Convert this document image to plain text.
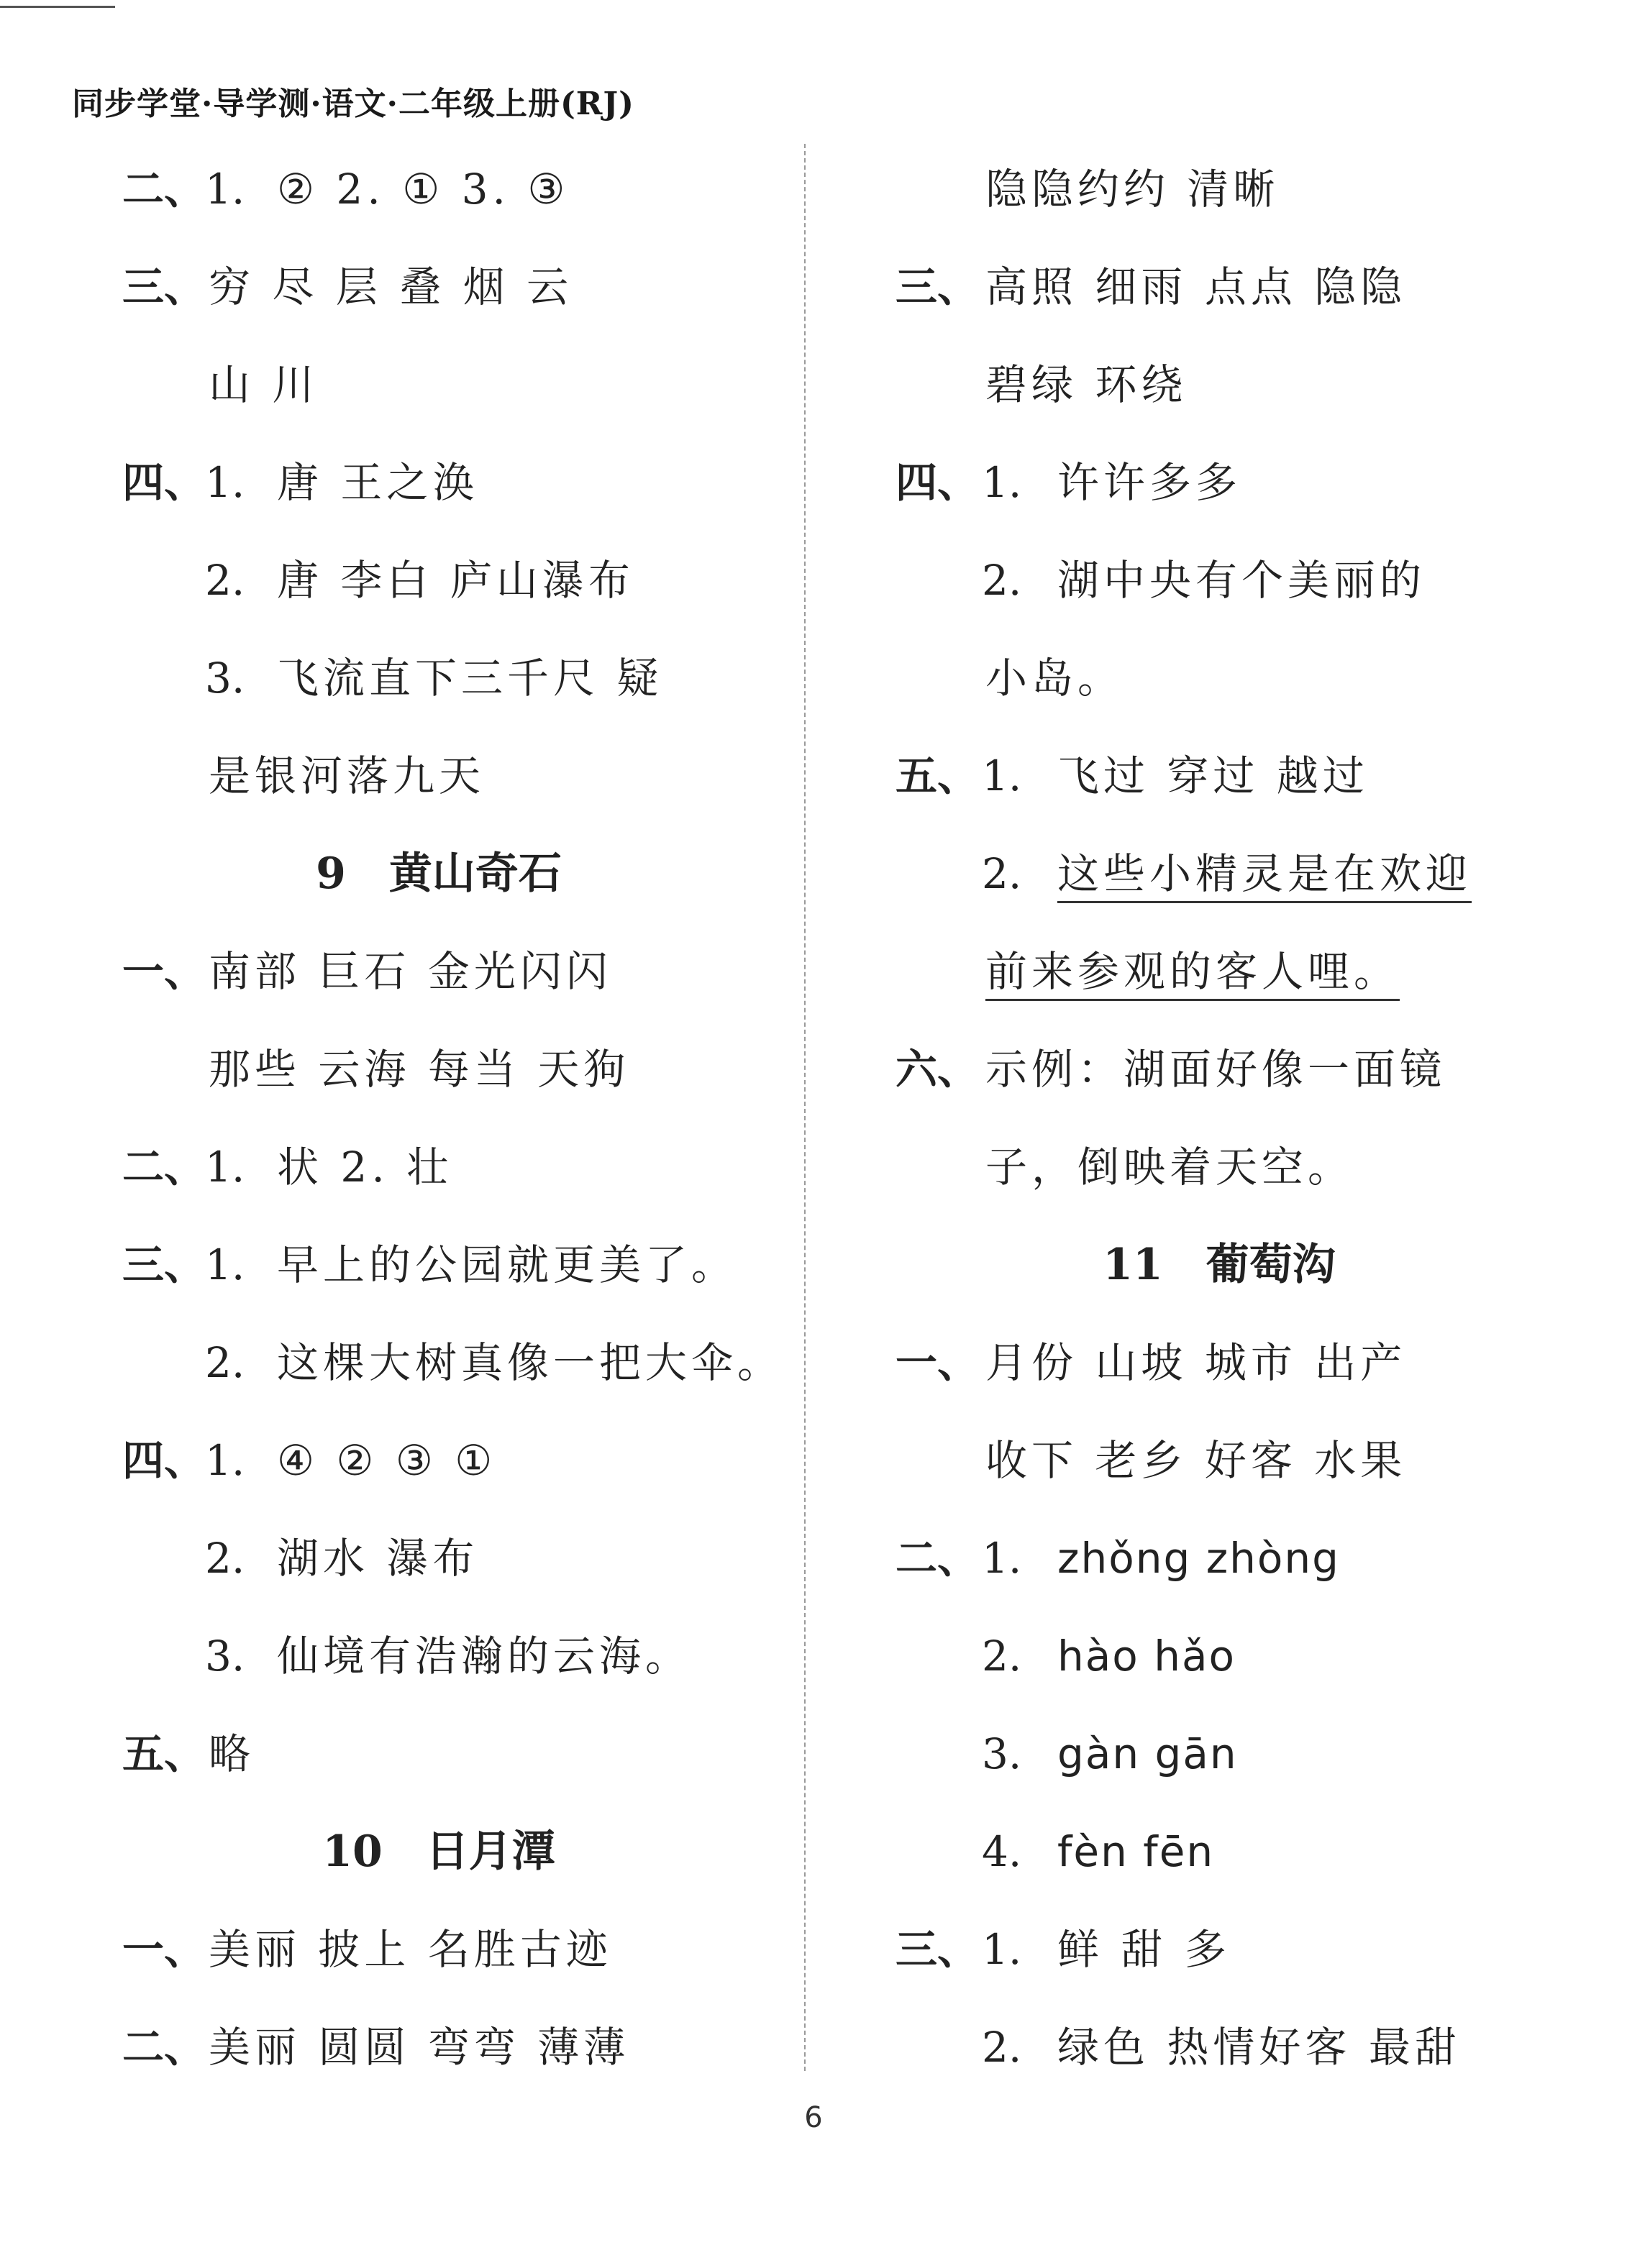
同步学堂·导学测·语文·二年级上册(RJ)
二、
1. ② 2. ① 3. ③
三、 穷 尽 层 叠 烟 云
山 川
四、
1. 唐 王之涣
2. 唐 李白 庐山瀑布
3. 飞流直下三千尺 疑
是银河落九天
9 黄山奇石
一、 南部 巨石 金光闪闪
那些 云海 每当 天狗
二、
1. 状 2. 壮
三、
1. 早上的公园就更美了。
2. 这棵大树真像一把大伞。
四、
1. ④ ② ③ ①
2. 湖水 瀑布
3. 仙境有浩瀚的云海。
五、 略
10 日月潭
一、 美丽 披上 名胜古迹
二、 美丽 圆圆 弯弯 薄薄
隐隐约约 清晰
三、 高照 细雨 点点 隐隐
碧绿 环绕
四、 1. 许许多多
2. 湖中央有个美丽的
小岛。
五、 1. 飞过 穿过 越过
2. 这些小精灵是在欢迎
前来参观的客人哩。
六、 示例：湖面好像一面镜
子，倒映着天空。
11 葡萄沟
一、 月份 山坡 城市 出产
收下 老乡 好客 水果
二、 1. zhǒng zhòng
2. hào hǎo
3. gàn gān
4. fèn fēn
三、 1. 鲜 甜 多
2. 绿色 热情好客 最甜
6
